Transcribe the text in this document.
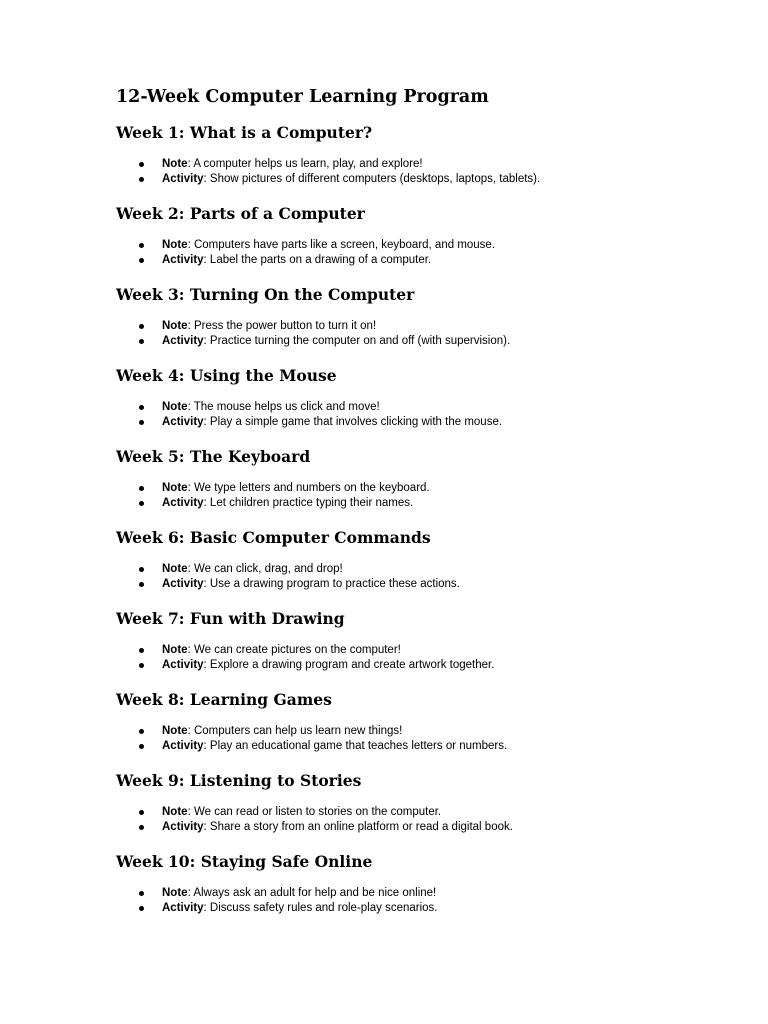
12-Week Computer Learning Program
Week 1: What is a Computer?
Note: A computer helps us learn, play, and explore!
Activity: Show pictures of different computers (desktops, laptops, tablets).
Week 2: Parts of a Computer
Note: Computers have parts like a screen, keyboard, and mouse.
Activity: Label the parts on a drawing of a computer.
Week 3: Turning On the Computer
Note: Press the power button to turn it on!
Activity: Practice turning the computer on and off (with supervision).
Week 4: Using the Mouse
Note: The mouse helps us click and move!
Activity: Play a simple game that involves clicking with the mouse.
Week 5: The Keyboard
Note: We type letters and numbers on the keyboard.
Activity: Let children practice typing their names.
Week 6: Basic Computer Commands
Note: We can click, drag, and drop!
Activity: Use a drawing program to practice these actions.
Week 7: Fun with Drawing
Note: We can create pictures on the computer!
Activity: Explore a drawing program and create artwork together.
Week 8: Learning Games
Note: Computers can help us learn new things!
Activity: Play an educational game that teaches letters or numbers.
Week 9: Listening to Stories
Note: We can read or listen to stories on the computer.
Activity: Share a story from an online platform or read a digital book.
Week 10: Staying Safe Online
Note: Always ask an adult for help and be nice online!
Activity: Discuss safety rules and role-play scenarios.
